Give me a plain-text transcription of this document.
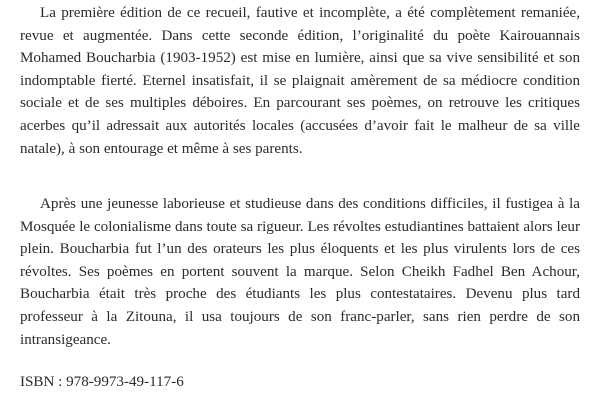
La première édition de ce recueil, fautive et incomplète, a été complètement remaniée, revue et augmentée. Dans cette seconde édition, l’originalité du poète Kairouannais Mohamed Boucharbia (1903-1952) est mise en lumière, ainsi que sa vive sensibilité et son indomptable fierté. Eternel insatisfait, il se plaignait amèrement de sa médiocre condition sociale et de ses multiples déboires. En parcourant ses poèmes, on retrouve les critiques acerbes qu’il adressait aux autorités locales (accusées d’avoir fait le malheur de sa ville natale), à son entourage et même à ses parents.

Après une jeunesse laborieuse et studieuse dans des conditions difficiles, il fustigea à la Mosquée le colonialisme dans toute sa rigueur. Les révoltes estudiantines battaient alors leur plein. Boucharbia fut l’un des orateurs les plus éloquents et les plus virulents lors de ces révoltes. Ses poèmes en portent souvent la marque. Selon Cheikh Fadhel Ben Achour, Boucharbia était très proche des étudiants les plus contestataires. Devenu plus tard professeur à la Zitouna, il usa toujours de son franc-parler, sans rien perdre de son intransigeance.

ISBN : 978-9973-49-117-6
